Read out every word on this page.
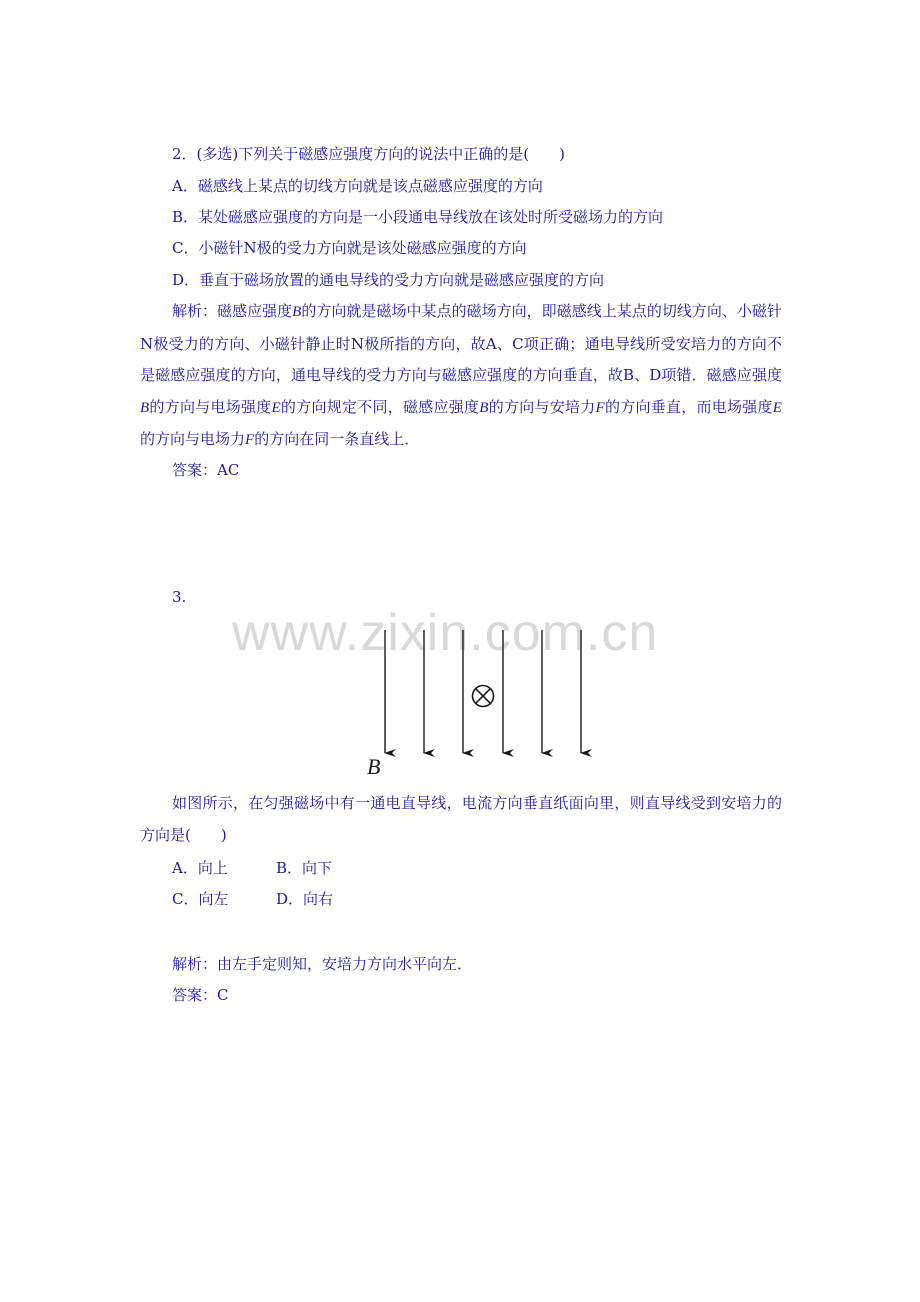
2．(多选)下列关于磁感应强度方向的说法中正确的是(　　)
A．磁感线上某点的切线方向就是该点磁感应强度的方向
B．某处磁感应强度的方向是一小段通电导线放在该处时所受磁场力的方向
C．小磁针N极的受力方向就是该处磁感应强度的方向
D．垂直于磁场放置的通电导线的受力方向就是磁感应强度的方向
解析：磁感应强度B的方向就是磁场中某点的磁场方向，即磁感线上某点的切线方向、小磁针N极受力的方向、小磁针静止时N极所指的方向，故A、C项正确；通电导线所受安培力的方向不是磁感应强度的方向，通电导线的受力方向与磁感应强度的方向垂直，故B、D项错．磁感应强度B的方向与电场强度E的方向规定不同，磁感应强度B的方向与安培力F的方向垂直，而电场强度E的方向与电场力F的方向在同一条直线上．
答案：AC
3.
www.zixin.com.cn
B
如图所示，在匀强磁场中有一通电直导线，电流方向垂直纸面向里，则直导线受到安培力的方向是(　　)
A．向上	B．向下
C．向左	D．向右
解析：由左手定则知，安培力方向水平向左．
答案：C
